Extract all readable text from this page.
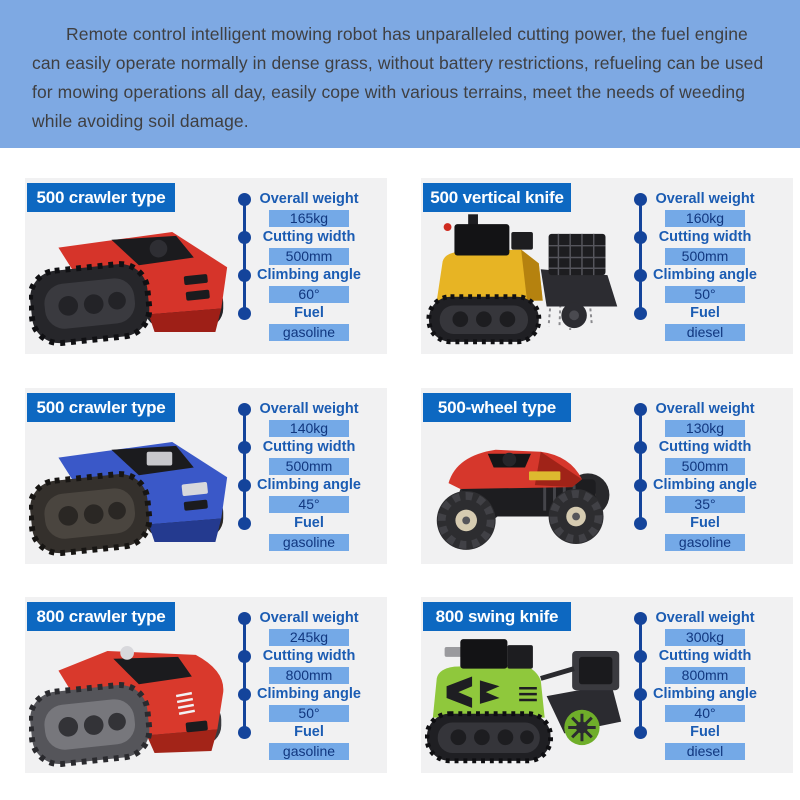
Remote control intelligent mowing robot has unparalleled cutting power, the fuel engine can easily operate normally in dense grass, without battery restrictions, refueling can be used for mowing operations all day, easily cope with various terrains, meet the needs of weeding while avoiding soil damage.

500 crawler type	Overall weight
165kg
Cutting width
500mm
Climbing angle
60°
Fuel
gasoline
500 vertical knife	Overall weight
160kg
Cutting width
500mm
Climbing angle
50°
Fuel
diesel
500 crawler type	Overall weight
140kg
Cutting width
500mm
Climbing angle
45°
Fuel
gasoline
500-wheel type	Overall weight
130kg
Cutting width
500mm
Climbing angle
35°
Fuel
gasoline
800 crawler type	Overall weight
245kg
Cutting width
800mm
Climbing angle
50°
Fuel
gasoline
800 swing knife	Overall weight
300kg
Cutting width
800mm
Climbing angle
40°
Fuel
diesel
